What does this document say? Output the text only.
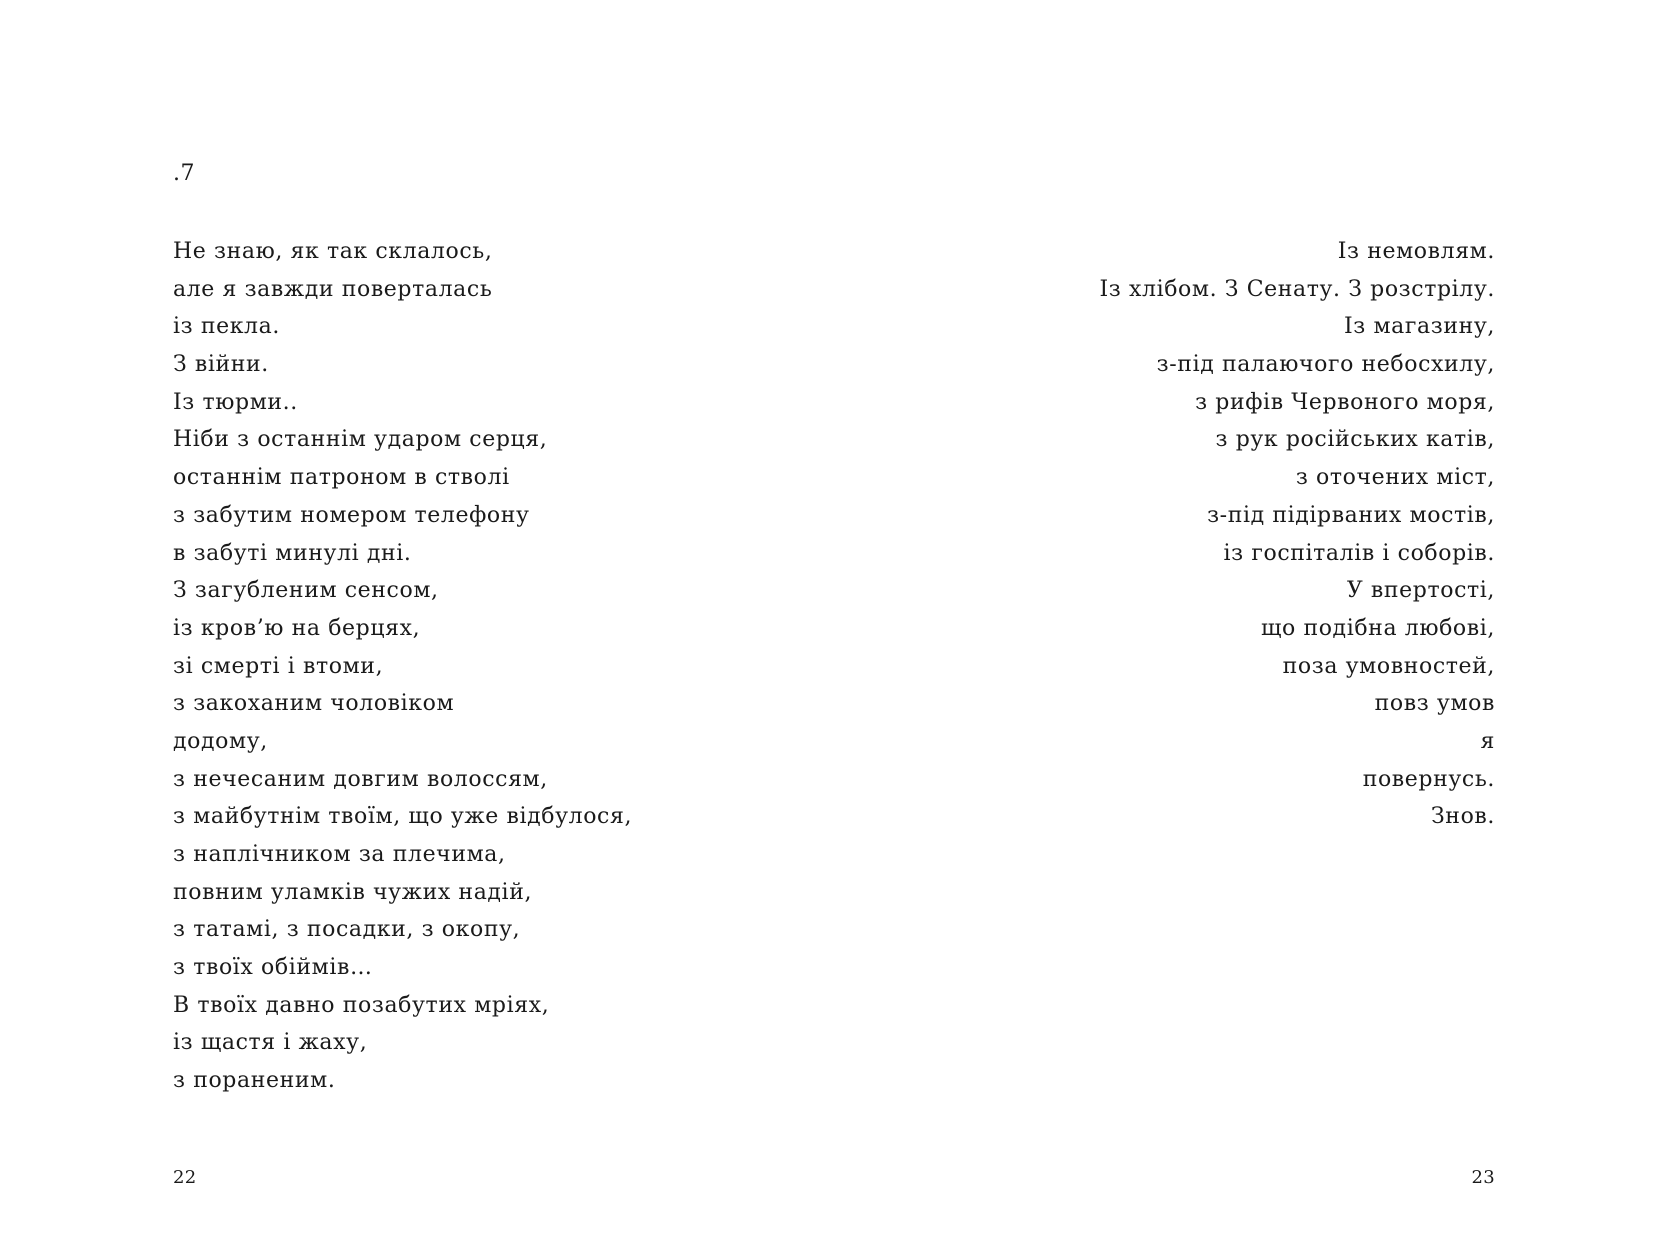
.7
Не знаю, як так склалось,
але я завжди поверталась
із пекла.
З війни.
Із тюрми..
Ніби з останнім ударом серця,
останнім патроном в стволі
з забутим номером телефону
в забуті минулі дні.
З загубленим сенсом,
із кров’ю на берцях,
зі смерті і втоми,
з закоханим чоловіком
додому,
з нечесаним довгим волоссям,
з майбутнім твоїм, що уже відбулося,
з наплічником за плечима,
повним уламків чужих надій,
з татамі, з посадки, з окопу,
з твоїх обіймів…
В твоїх давно позабутих мріях,
із щастя і жаху,
з пораненим.
Із немовлям.
Із хлібом. З Сенату. З розстрілу.
Із магазину,
з-під палаючого небосхилу,
з рифів Червоного моря,
з рук російських катів,
з оточених міст,
з-під підірваних мостів,
із госпіталів і соборів.
У впертості,
що подібна любові,
поза умовностей,
повз умов
я
повернусь.
Знов.
22	23
